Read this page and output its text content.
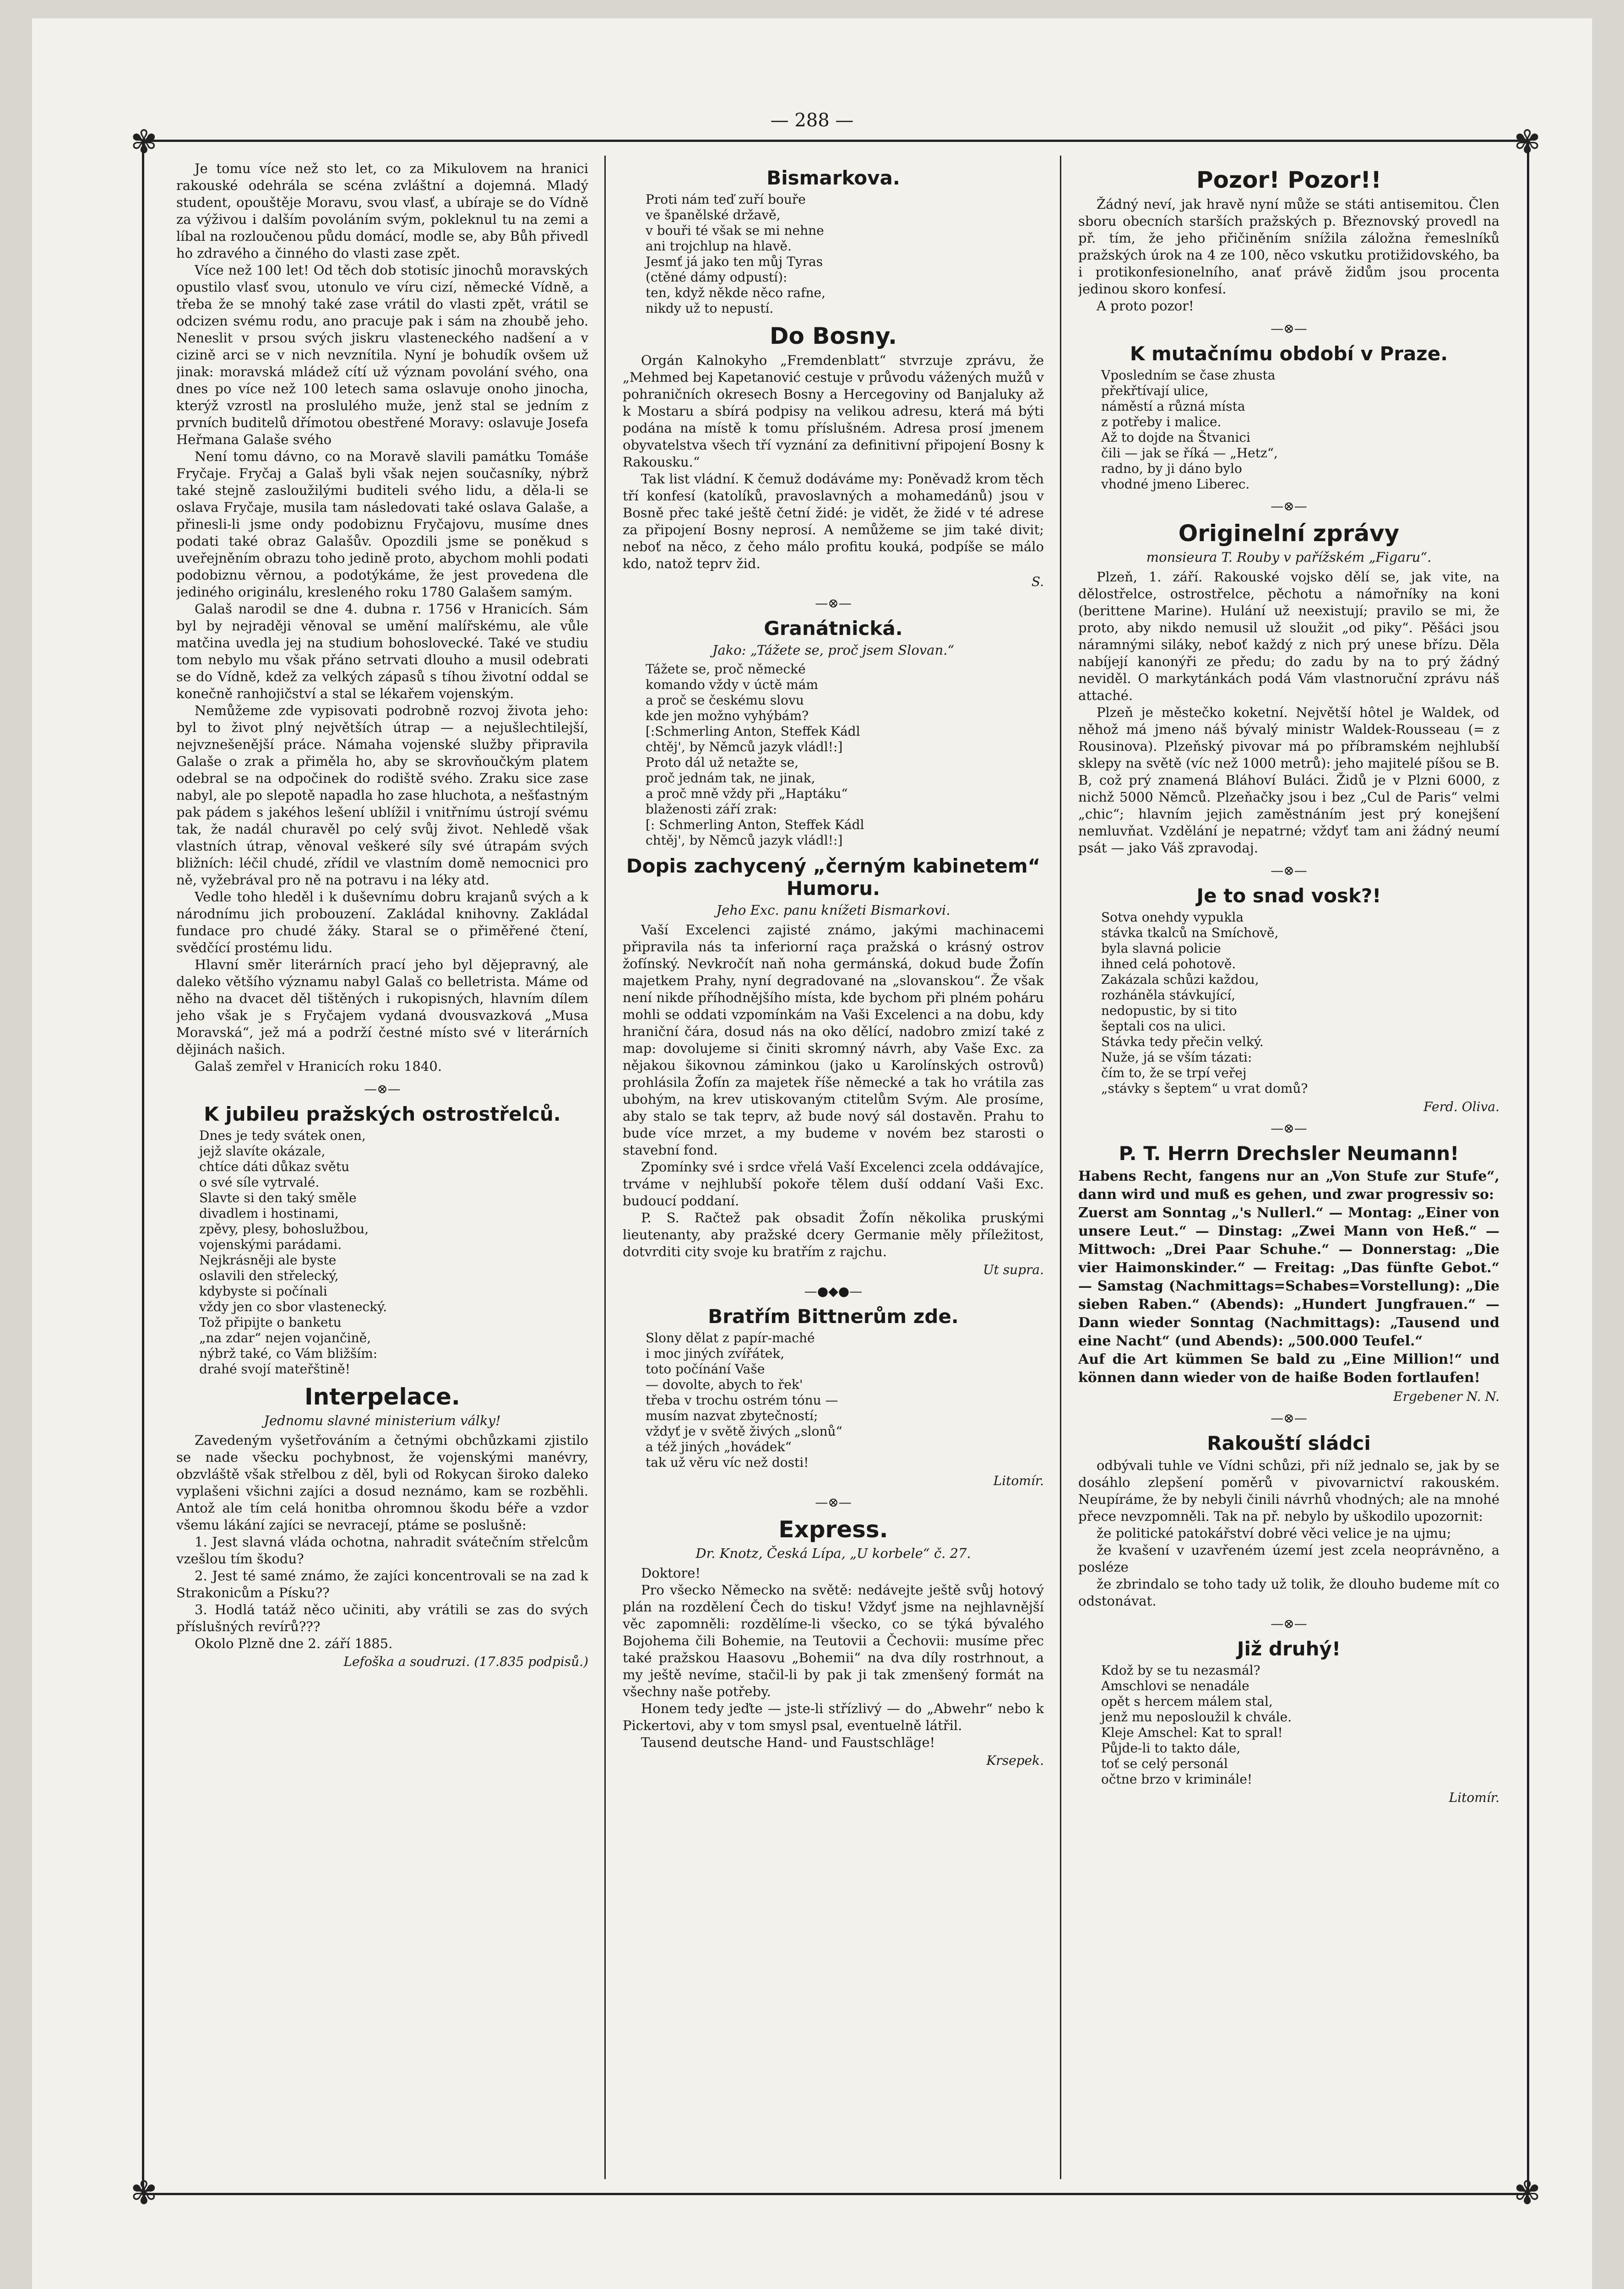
— 288 —
✾	✾
✾	✾

Je tomu více než sto let, co za Mikulovem na hranici rakouské odehrála se scéna zvláštní a dojemná. Mladý student, opouštěje Moravu, svou vlasť, a ubíraje se do Vídně za výživou i dalším povoláním svým, pokleknul tu na zemi a líbal na rozloučenou půdu domácí, modle se, aby Bůh přivedl ho zdravého a činného do vlasti zase zpět.

Více než 100 let! Od těch dob stotisíc jinochů moravských opustilo vlasť svou, utonulo ve víru cizí, německé Vídně, a třeba že se mnohý také zase vrátil do vlasti zpět, vrátil se odcizen svému rodu, ano pracuje pak i sám na zhoubě jeho. Neneslit v prsou svých jiskru vlasteneckého nadšení a v cizině arci se v nich nevznítila. Nyní je bohudík ovšem už jinak: moravská mládež cítí už význam povolání svého, ona dnes po více než 100 letech sama oslavuje onoho jinocha, kterýž vzrostl na proslulého muže, jenž stal se jedním z prvních buditelů dřímotou obestřené Moravy: oslavuje Josefa Heřmana Galaše svého

Není tomu dávno, co na Moravě slavili památku Tomáše Fryčaje. Fryčaj a Galaš byli však nejen současníky, nýbrž také stejně zasloužilými buditeli svého lidu, a děla-li se oslava Fryčaje, musila tam následovati také oslava Galaše, a přinesli-li jsme ondy podobiznu Fryčajovu, musíme dnes podati také obraz Galašův. Opozdili jsme se poněkud s uveřejněním obrazu toho jedině proto, abychom mohli podati podobiznu věrnou, a podotýkáme, že jest provedena dle jediného originálu, kresleného roku 1780 Galašem samým.

Galaš narodil se dne 4. dubna r. 1756 v Hranicích. Sám byl by nejraději věnoval se umění malířskému, ale vůle matčina uvedla jej na studium bohoslovecké. Také ve studiu tom nebylo mu však přáno setrvati dlouho a musil odebrati se do Vídně, kdež za velkých zápasů s tíhou životní oddal se konečně ranhojičství a stal se lékařem vojenským.

Nemůžeme zde vypisovati podrobně rozvoj života jeho: byl to život plný největších útrap — a nejušlechtilejší, nejvznešenější práce. Námaha vojenské služby připravila Galaše o zrak a přiměla ho, aby se skrovňoučkým platem odebral se na odpočinek do rodiště svého. Zraku sice zase nabyl, ale po slepotě napadla ho zase hluchota, a nešťastným pak pádem s jakéhos lešení ublížil i vnitřnímu ústrojí svému tak, že nadál churavěl po celý svůj život. Nehledě však vlastních útrap, věnoval veškeré síly své útrapám svých bližních: léčil chudé, zřídil ve vlastním domě nemocnici pro ně, vyžebrával pro ně na potravu i na léky atd.

Vedle toho hleděl i k duševnímu dobru krajanů svých a k národnímu jich probouzení. Zakládal knihovny. Zakládal fundace pro chudé žáky. Staral se o přiměřené čtení, svědčící prostému lidu.

Hlavní směr literárních prací jeho byl dějepravný, ale daleko většího významu nabyl Galaš co belletrista. Máme od něho na dvacet děl tištěných i rukopisných, hlavním dílem jeho však je s Fryčajem vydaná dvousvazková „Musa Moravská“, jež má a podrží čestné místo své v literárních dějinách našich.

Galaš zemřel v Hranicích roku 1840.

—⊗—
K jubileu pražských ostrostřelců.
Dnes je tedy svátek onen,
jejž slavíte okázale,
chtíce dáti důkaz světu
o své síle vytrvalé.
Slavte si den taký směle
divadlem i hostinami,
zpěvy, plesy, bohoslužbou,
vojenskými parádami.
Nejkrásněji ale byste
oslavili den střelecký,
kdybyste si počínali
vždy jen co sbor vlastenecký.
Tož připijte o banketu
„na zdar“ nejen vojančině,
nýbrž také, co Vám bližším:
drahé svojí mateřštině!
Interpelace.
Jednomu slavné ministerium války!

Zavedeným vyšetřováním a četnými obchůzkami zjistilo se nade všecku pochybnost, že vojenskými manévry, obzvláště však střelbou z děl, byli od Rokycan široko daleko vyplašeni všichni zajíci a dosud neznámo, kam se rozběhli. Antož ale tím celá honitba ohromnou škodu béře a vzdor všemu lákání zajíci se nevracejí, ptáme se poslušně:

1. Jest slavná vláda ochotna, nahradit svátečním střelcům vzešlou tím škodu?

2. Jest té samé známo, že zajíci koncentrovali se na zad k Strakonicům a Písku??

3. Hodlá tatáž něco učiniti, aby vrátili se zas do svých příslušných revírů???

Okolo Plzně dne 2. září 1885.

Lefoška a soudruzi. (17.835 podpisů.)
Bismarkova.
Proti nám teď zuří bouře
ve španělské državě,
v bouři té však se mi nehne
ani trojchlup na hlavě.
Jesmť já jako ten můj Tyras
(ctěné dámy odpustí):
ten, když někde něco rafne,
nikdy už to nepustí.
Do Bosny.

Orgán Kalnokyho „Fremdenblatt“ stvrzuje zprávu, že „Mehmed bej Kapetanović cestuje v průvodu vážených mužů v pohraničních okresech Bosny a Hercegoviny od Banjaluky až k Mostaru a sbírá podpisy na velikou adresu, která má býti podána na místě k tomu příslušném. Adresa prosí jmenem obyvatelstva všech tří vyznání za definitivní připojení Bosny k Rakousku.“

Tak list vládní. K čemuž dodáváme my: Poněvadž krom těch tří konfesí (katolíků, pravoslavných a mohamedánů) jsou v Bosně přec také ještě četní židé: je vidět, že židé v té adrese za připojení Bosny neprosí. A nemůžeme se jim také divit; neboť na něco, z čeho málo profitu kouká, podpíše se málo kdo, natož teprv žid.

S.
—⊗—
Granátnická.
Jako: „Tážete se, proč jsem Slovan.“
Tážete se, proč německé
komando vždy v úctě mám
a proč se českému slovu
kde jen možno vyhýbám?
[:Schmerling Anton, Steffek Kádl
chtěj', by Němců jazyk vládl!:]
Proto dál už netažte se,
proč jednám tak, ne jinak,
a proč mně vždy při „Haptáku“
blaženosti září zrak:
[: Schmerling Anton, Steffek Kádl
chtěj', by Němců jazyk vládl!:]
Dopis zachycený „černým kabinetem“ Humoru.
Jeho Exc. panu knížeti Bismarkovi.

Vaší Excelenci zajisté známo, jakými machinacemi připravila nás ta inferiorní raça pražská o krásný ostrov žofínský. Nevkročít naň noha germánská, dokud bude Žofín majetkem Prahy, nyní degradované na „slovanskou“. Že však není nikde příhodnějšího místa, kde bychom při plném poháru mohli se oddati vzpomínkám na Vaši Excelenci a na dobu, kdy hraniční čára, dosud nás na oko dělící, nadobro zmizí také z map: dovolujeme si činiti skromný návrh, aby Vaše Exc. za nějakou šikovnou záminkou (jako u Karolínských ostrovů) prohlásila Žofín za majetek říše německé a tak ho vrátila zas ubohým, na krev utiskovaným ctitelům Svým. Ale prosíme, aby stalo se tak teprv, až bude nový sál dostavěn. Prahu to bude více mrzet, a my budeme v novém bez starosti o stavební fond.

Zpomínky své i srdce vřelá Vaší Excelenci zcela oddávajíce, trváme v nejhlubší pokoře tělem duší oddaní Vaši Exc. budoucí poddaní.

P. S. Račtež pak obsadit Žofín několika pruskými lieutenanty, aby pražské dcery Germanie měly příležitost, dotvrditi city svoje ku bratřím z rajchu.

Ut supra.
—●◆●—
Bratřím Bittnerům zde.
Slony dělat z papír-maché
i moc jiných zvířátek,
toto počínání Vaše
— dovolte, abych to řek'
třeba v trochu ostrém tónu —
musím nazvat zbytečností;
vždyť je v světě živých „slonů“
a též jiných „hovádek“
tak už věru víc než dosti!
Litomír.
—⊗—
Express.
Dr. Knotz, Česká Lípa, „U korbele“ č. 27.

Doktore!

Pro všecko Německo na světě: nedávejte ještě svůj hotový plán na rozdělení Čech do tisku! Vždyť jsme na nejhlavnější věc zapomněli: rozdělíme-li všecko, co se týká bývalého Bojohema čili Bohemie, na Teutovii a Čechovii: musíme přec také pražskou Haasovu „Bohemii“ na dva díly rostrhnout, a my ještě nevíme, stačil-li by pak ji tak zmenšený formát na všechny naše potřeby.

Honem tedy jeďte — jste-li střízlivý — do „Abwehr“ nebo k Pickertovi, aby v tom smysl psal, eventuelně látřil.

Tausend deutsche Hand- und Faustschläge!

Krsepek.
Pozor! Pozor!!

Žádný neví, jak hravě nyní může se státi antisemitou. Člen sboru obecních starších pražských p. Březnovský provedl na př. tím, že jeho přičiněním snížila záložna řemeslníků pražských úrok na 4 ze 100, něco vskutku protižidovského, ba i protikonfesionelního, anať právě židům jsou procenta jedinou skoro konfesí.

A proto pozor!

—⊗—
K mutačnímu období v Praze.
Vposledním se čase zhusta
překřtívají ulice,
náměstí a různá místa
z potřeby i malice.
Až to dojde na Štvanici
čili — jak se říká — „Hetz“,
radno, by ji dáno bylo
vhodné jmeno Liberec.
—⊗—
Originelní zprávy
monsieura T. Rouby v pařížském „Figaru“.

Plzeň, 1. září. Rakouské vojsko dělí se, jak vite, na dělostřelce, ostrostřelce, pěchotu a námořníky na koni (berittene Marine). Hulání už neexistují; pravilo se mi, že proto, aby nikdo nemusil už sloužit „od piky“. Pěšáci jsou náramnými siláky, neboť každý z nich prý unese břízu. Děla nabíjejí kanonýři ze předu; do zadu by na to prý žádný neviděl. O markytánkách podá Vám vlastnoruční zprávu náš attaché.

Plzeň je městečko koketní. Největší hôtel je Waldek, od něhož má jmeno náš bývalý ministr Waldek-Rousseau (= z Rousinova). Plzeňský pivovar má po příbramském nejhlubší sklepy na světě (víc než 1000 metrů): jeho majitelé píšou se B. B, což prý znamená Bláhoví Buláci. Židů je v Plzni 6000, z nichž 5000 Němců. Plzeňačky jsou i bez „Cul de Paris“ velmi „chic“; hlavním jejich zaměstnáním jest prý konejšení nemluvňat. Vzdělání je nepatrné; vždyť tam ani žádný neumí psát — jako Váš zpravodaj.

—⊗—
Je to snad vosk?!
Sotva onehdy vypukla
stávka tkalců na Smíchově,
byla slavná policie
ihned celá pohotově.
Zakázala schůzi každou,
rozháněla stávkující,
nedopustic, by si tito
šeptali cos na ulici.
Stávka tedy přečin velký.
Nuže, já se vším tázati:
čím to, že se trpí veřej
„stávky s šeptem“ u vrat domů?
Ferd. Oliva.
—⊗—
P. T. Herrn Drechsler Neumann!
Habens Recht, fangens nur an „Von Stufe zur Stufe“, dann wird und muß es gehen, und zwar progressiv so:
Zuerst am Sonntag „'s Nullerl.“ — Montag: „Einer von unsere Leut.“ — Dinstag: „Zwei Mann von Heß.“ — Mittwoch: „Drei Paar Schuhe.“ — Donnerstag: „Die vier Haimonskinder.“ — Freitag: „Das fünfte Gebot.“ — Samstag (Nachmittags=Schabes=Vorstellung): „Die sieben Raben.“ (Abends): „Hundert Jungfrauen.“ — Dann wieder Sonntag (Nachmittags): „Tausend und eine Nacht“ (und Abends): „500.000 Teufel.“
Auf die Art kümmen Se bald zu „Eine Million!“ und können dann wieder von de haiße Boden fortlaufen!
Ergebener N. N.
—⊗—
Rakouští sládci

odbývali tuhle ve Vídni schůzi, při níž jednalo se, jak by se dosáhlo zlepšení poměrů v pivovarnictví rakouském. Neupíráme, že by nebyli činili návrhů vhodných; ale na mnohé přece nevzpomněli. Tak na př. nebylo by uškodilo upozornit:

že politické patokářství dobré věci velice je na ujmu;

že kvašení v uzavřeném území jest zcela neoprávněno, a posléze

že zbrindalo se toho tady už tolik, že dlouho budeme mít co odstonávat.

—⊗—
Již druhý!
Kdož by se tu nezasmál?
Amschlovi se nenadále
opět s hercem málem stal,
jenž mu neposloužil k chvále.
Kleje Amschel: Kat to spral!
Půjde-li to takto dále,
toť se celý personál
očtne brzo v kriminále!
Litomír.
